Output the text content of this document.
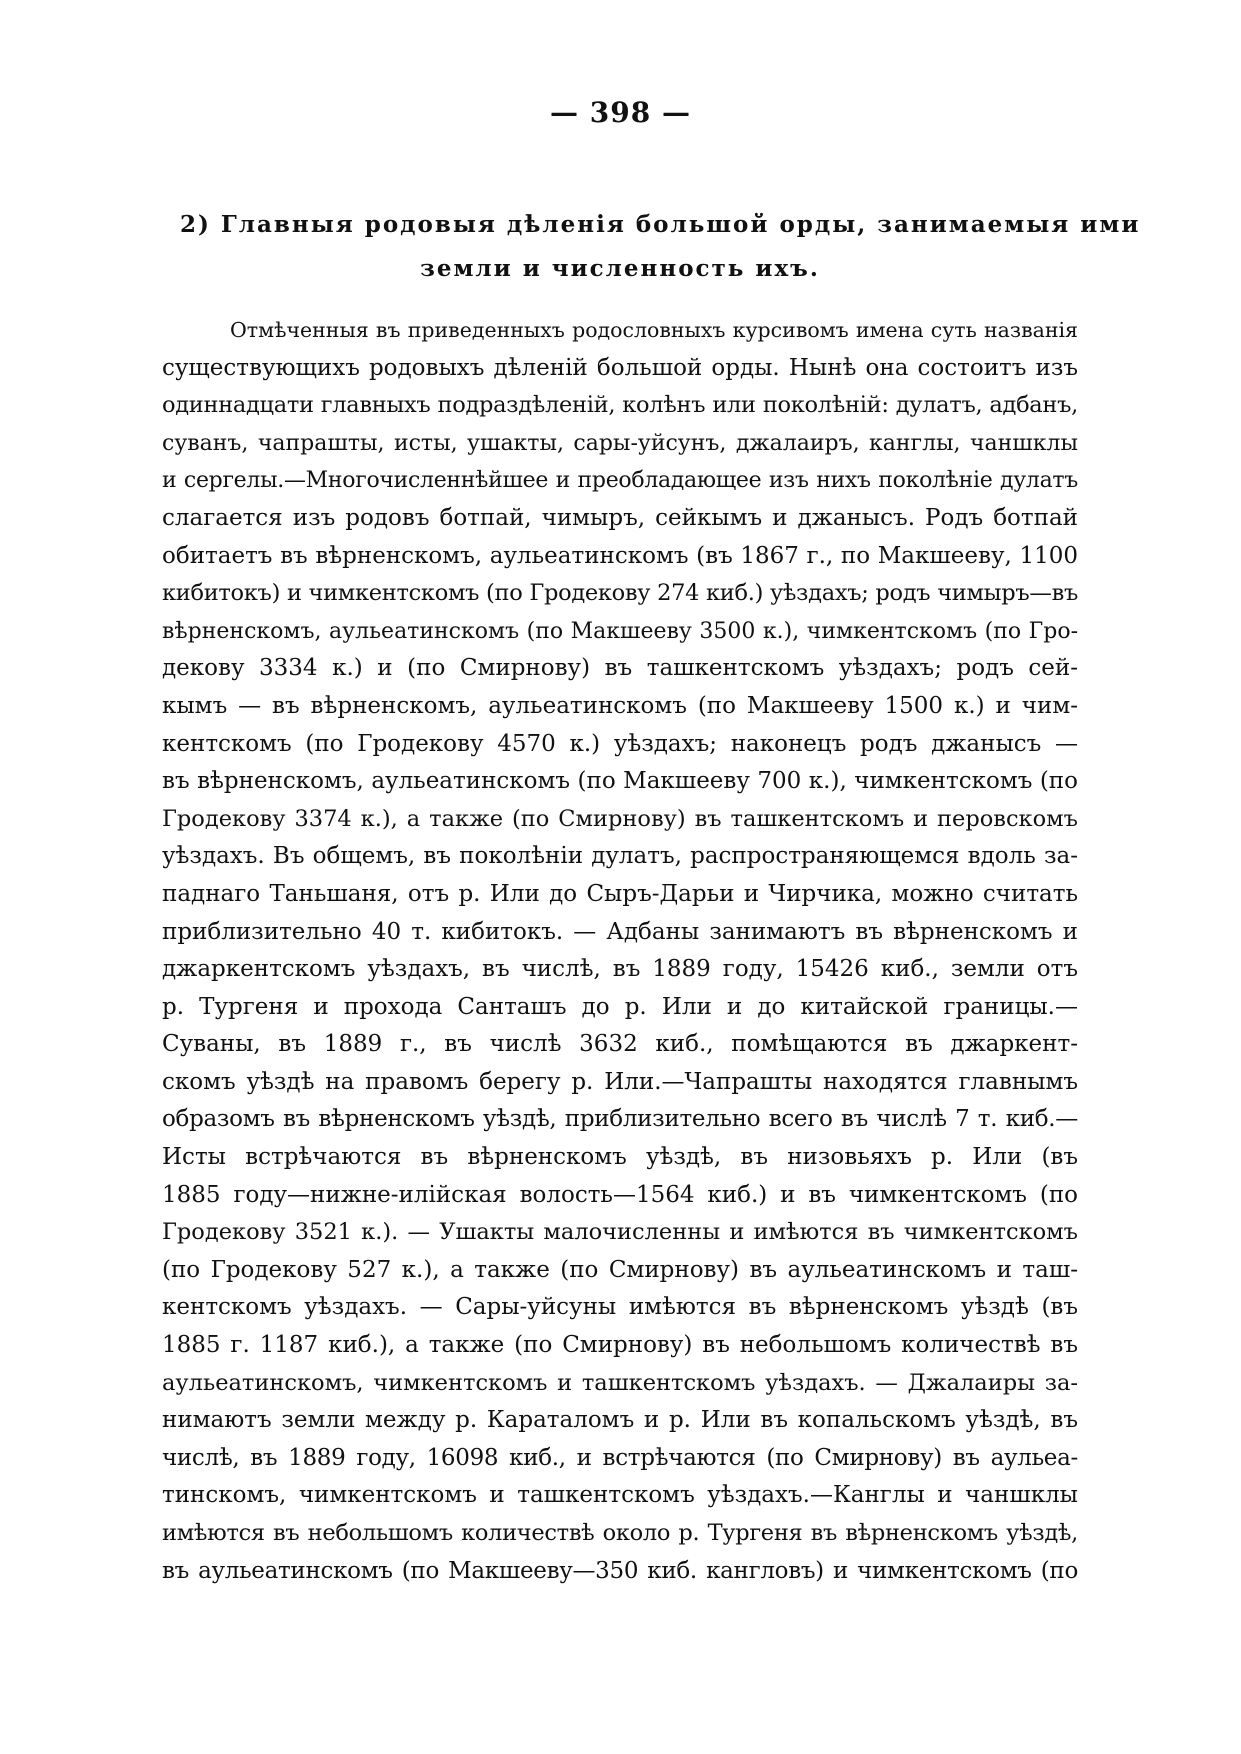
— 398 —
2) Главныя родовыя дѣленія большой орды, занимаемыя ими
земли и численность ихъ.
Отмѣченныя въ приведенныхъ родословныхъ курсивомъ имена суть названія
существующихъ родовыхъ дѣленій большой орды. Нынѣ она состоитъ изъ
одиннадцати главныхъ подраздѣленій, колѣнъ или поколѣній: дулатъ, адбанъ,
суванъ, чапрашты, исты, ушакты, сары-уйсунъ, джалаиръ, канглы, чаншклы
и сергелы.—Многочисленнѣйшее и преобладающее изъ нихъ поколѣніе дулатъ
слагается изъ родовъ ботпай, чимыръ, сейкымъ и джанысъ. Родъ ботпай
обитаетъ въ вѣрненскомъ, аульеатинскомъ (въ 1867 г., по Макшееву, 1100
кибитокъ) и чимкентскомъ (по Гродекову 274 киб.) уѣздахъ; родъ чимыръ—въ
вѣрненскомъ, аульеатинскомъ (по Макшееву 3500 к.), чимкентскомъ (по Гро-
декову 3334 к.) и (по Смирнову) въ ташкентскомъ уѣздахъ; родъ сей-
кымъ — въ вѣрненскомъ, аульеатинскомъ (по Макшееву 1500 к.) и чим-
кентскомъ (по Гродекову 4570 к.) уѣздахъ; наконецъ родъ джанысъ —
въ вѣрненскомъ, аульеатинскомъ (по Макшееву 700 к.), чимкентскомъ (по
Гродекову 3374 к.), а также (по Смирнову) въ ташкентскомъ и перовскомъ
уѣздахъ. Въ общемъ, въ поколѣніи дулатъ, распространяющемся вдоль за-
паднаго Таньшаня, отъ р. Или до Сыръ-Дарьи и Чирчика, можно считать
приблизительно 40 т. кибитокъ. — Адбаны занимаютъ въ вѣрненскомъ и
джаркентскомъ уѣздахъ, въ числѣ, въ 1889 году, 15426 киб., земли отъ
р. Тургеня и прохода Санташъ до р. Или и до китайской границы.—
Суваны, въ 1889 г., въ числѣ 3632 киб., помѣщаются въ джаркент-
скомъ уѣздѣ на правомъ берегу р. Или.—Чапрашты находятся главнымъ
образомъ въ вѣрненскомъ уѣздѣ, приблизительно всего въ числѣ 7 т. киб.—
Исты встрѣчаются въ вѣрненскомъ уѣздѣ, въ низовьяхъ р. Или (въ
1885 году—нижне-илійская волость—1564 киб.) и въ чимкентскомъ (по
Гродекову 3521 к.). — Ушакты малочисленны и имѣются въ чимкентскомъ
(по Гродекову 527 к.), а также (по Смирнову) въ аульеатинскомъ и таш-
кентскомъ уѣздахъ. — Сары-уйсуны имѣются въ вѣрненскомъ уѣздѣ (въ
1885 г. 1187 киб.), а также (по Смирнову) въ небольшомъ количествѣ въ
аульеатинскомъ, чимкентскомъ и ташкентскомъ уѣздахъ. — Джалаиры за-
нимаютъ земли между р. Караталомъ и р. Или въ копальскомъ уѣздѣ, въ
числѣ, въ 1889 году, 16098 киб., и встрѣчаются (по Смирнову) въ аульеа-
тинскомъ, чимкентскомъ и ташкентскомъ уѣздахъ.—Канглы и чаншклы
имѣются въ небольшомъ количествѣ около р. Тургеня въ вѣрненскомъ уѣздѣ,
въ аульеатинскомъ (по Макшееву—350 киб. кангловъ) и чимкентскомъ (по
